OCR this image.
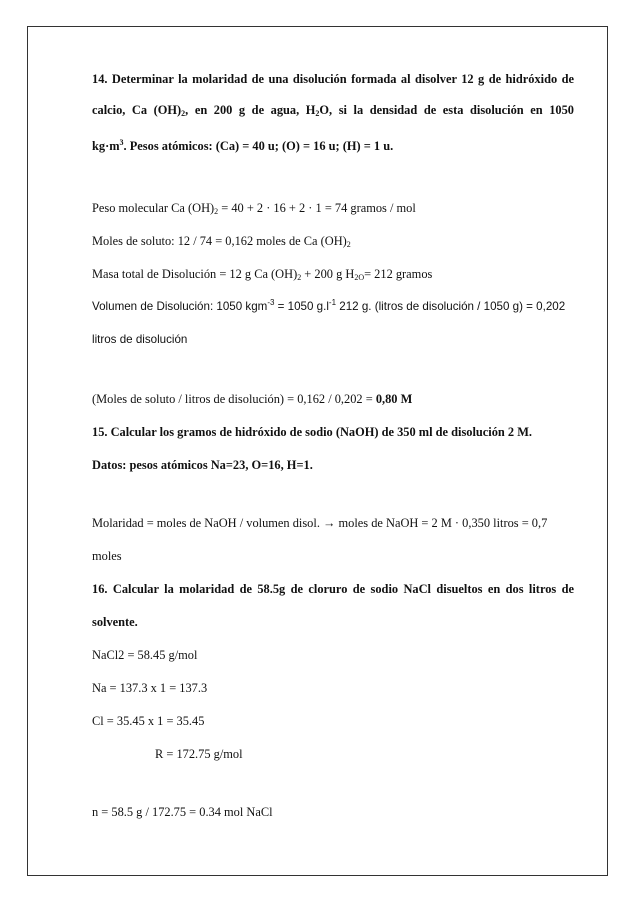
14. Determinar la molaridad de una disolución formada al disolver 12 g de hidróxido de
calcio, Ca $(OH)_2$, en 200 g de agua, $H_2O$, si la densidad de esta disolución en 1050
$kg\cdot m^3$. Pesos atómicos: (Ca) = 40 u; (O) = 16 u; (H) = 1 u.
Peso molecular Ca $(OH)_2 = 40 + 2 \cdot 16 + 2 \cdot 1 = 74$ gramos / mol
Moles de soluto: 12 / 74 = 0,162 moles de Ca $(OH)_2$
Masa total de Disolución = 12 g Ca $(OH)_2 + 200$ g $H_{2O}= 212$ gramos
Volumen de Disolución: 1050 kgm$^{-3}$ = 1050 $g.l^{-1}$ 212 g. (litros de disolución / 1050 g) = 0,202
litros de disolución
(Moles de soluto / litros de disolución) = 0,162 / 0,202 = 0,80 M
15. Calcular los gramos de hidróxido de sodio (NaOH) de 350 ml de disolución 2 M.
Datos: pesos atómicos Na=23, O=16, H=1.
Molaridad = moles de NaOH / volumen disol. → moles de NaOH = 2 M · 0,350 litros = 0,7
moles
16. Calcular la molaridad de 58.5g de cloruro de sodio NaCl disueltos en dos litros de
solvente.
NaCl2 = 58.45 g/mol
Na = 137.3 x 1 = 137.3
Cl = 35.45 x 1 = 35.45
R = 172.75 g/mol
n = 58.5 g / 172.75 = 0.34 mol NaCl
